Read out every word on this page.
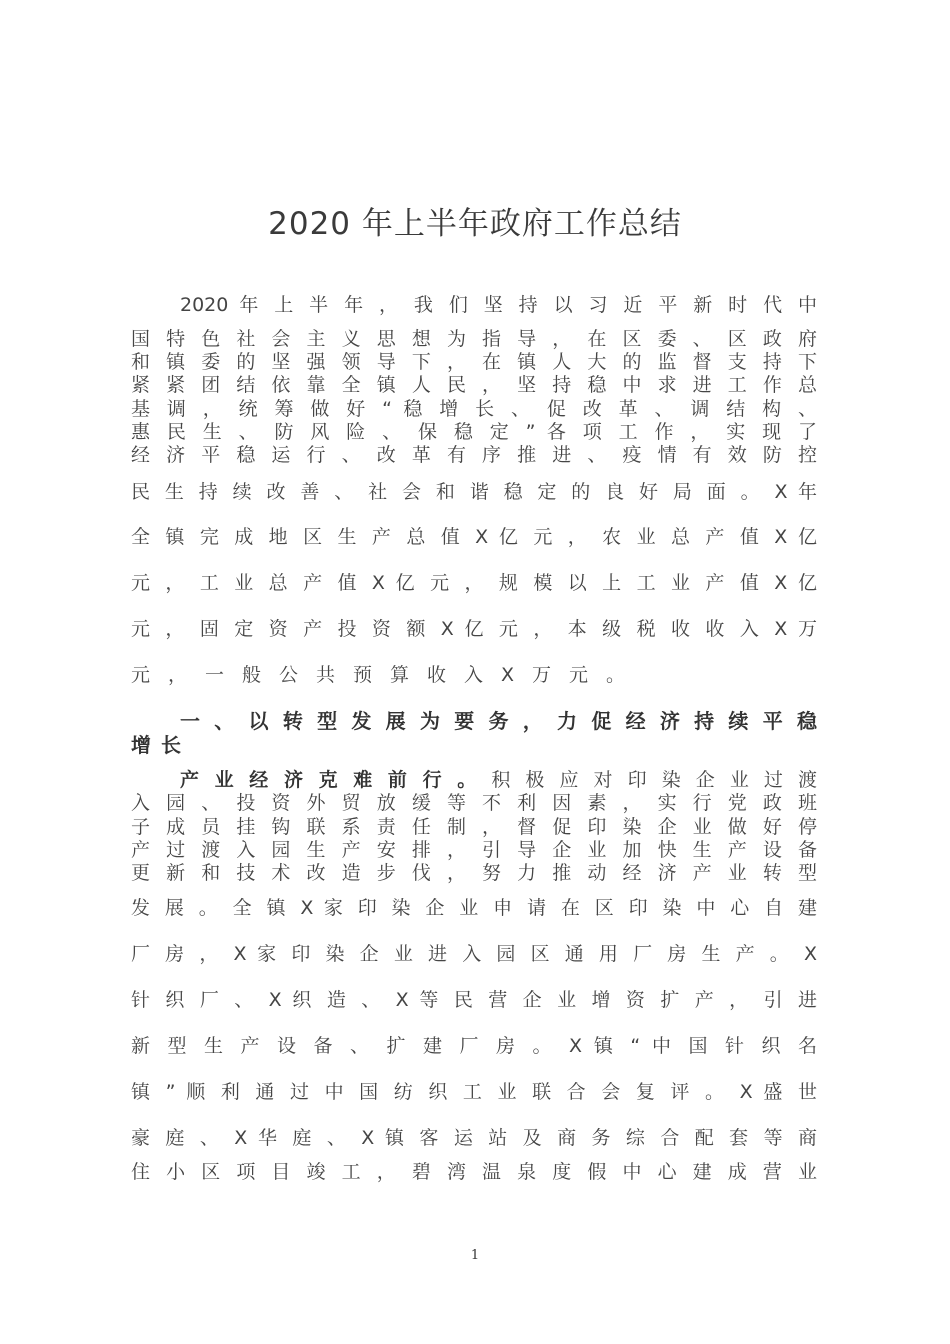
2020 年上半年政府工作总结
2020 年 上 半 年 ， 我 们 坚 持 以 习 近 平 新 时 代 中
国 特 色 社 会 主 义 思 想 为 指 导 ， 在 区 委 、 区 政 府
和 镇 委 的 坚 强 领 导 下 ， 在 镇 人 大 的 监 督 支 持 下
紧 紧 团 结 依 靠 全 镇 人 民 ， 坚 持 稳 中 求 进 工 作 总
基 调 ， 统 筹 做 好 “ 稳 增 长 、 促 改 革 、 调 结 构 、
惠 民 生 、 防 风 险 、 保 稳 定 ” 各 项 工 作 ， 实 现 了
经 济 平 稳 运 行 、 改 革 有 序 推 进 、 疫 情 有 效 防 控
民 生 持 续 改 善 、 社 会 和 谐 稳 定 的 良 好 局 面 。 X 年
全 镇 完 成 地 区 生 产 总 值 X 亿 元 ， 农 业 总 产 值 X 亿
元 ， 工 业 总 产 值 X 亿 元 ， 规 模 以 上 工 业 产 值 X 亿
元 ， 固 定 资 产 投 资 额 X 亿 元 ， 本 级 税 收 收 入 X 万
元，一般公共预算收入X万元。
一 、 以 转 型 发 展 为 要 务 ， 力 促 经 济 持 续 平 稳
增长
产 业 经 济 克 难 前 行 。 积 极 应 对 印 染 企 业 过 渡
入 园 、 投 资 外 贸 放 缓 等 不 利 因 素 ， 实 行 党 政 班
子 成 员 挂 钩 联 系 责 任 制 ， 督 促 印 染 企 业 做 好 停
产 过 渡 入 园 生 产 安 排 ， 引 导 企 业 加 快 生 产 设 备
更 新 和 技 术 改 造 步 伐 ， 努 力 推 动 经 济 产 业 转 型
发 展 。 全 镇 X 家 印 染 企 业 申 请 在 区 印 染 中 心 自 建
厂 房 ， X 家 印 染 企 业 进 入 园 区 通 用 厂 房 生 产 。 X
针 织 厂 、 X 织 造 、 X 等 民 营 企 业 增 资 扩 产 ， 引 进
新 型 生 产 设 备 、 扩 建 厂 房 。 X 镇 “ 中 国 针 织 名
镇 ” 顺 利 通 过 中 国 纺 织 工 业 联 合 会 复 评 。 X 盛 世
豪 庭 、 X 华 庭 、 X 镇 客 运 站 及 商 务 综 合 配 套 等 商
住 小 区 项 目 竣 工 ， 碧 湾 温 泉 度 假 中 心 建 成 营 业
1
